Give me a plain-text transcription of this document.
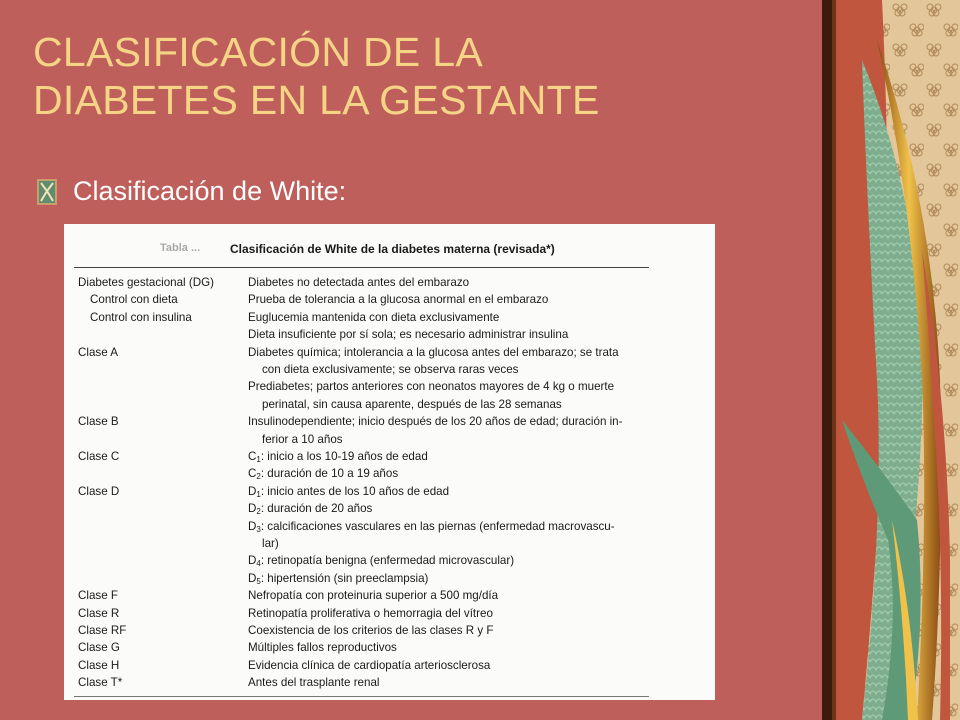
CLASIFICACIÓN DE LA
DIABETES EN LA GESTANTE
Clasificación de White:
Tabla ... Clasificación de White de la diabetes materna (revisada*)
Diabetes gestacional (DG)	Diabetes no detectada antes del embarazo
Control con dieta	Prueba de tolerancia a la glucosa anormal en el embarazo
Control con insulina	Euglucemia mantenida con dieta exclusivamente
Dieta insuficiente por sí sola; es necesario administrar insulina
Clase A	Diabetes química; intolerancia a la glucosa antes del embarazo; se trata
con dieta exclusivamente; se observa raras veces
Prediabetes; partos anteriores con neonatos mayores de 4 kg o muerte
perinatal, sin causa aparente, después de las 28 semanas
Clase B	Insulinodependiente; inicio después de los 20 años de edad; duración in-
ferior a 10 años
Clase C	$C_1$: inicio a los 10-19 años de edad
$C_2$: duración de 10 a 19 años
Clase D	$D_1$: inicio antes de los 10 años de edad
$D_2$: duración de 20 años
$D_3$: calcificaciones vasculares en las piernas (enfermedad macrovascu-
lar)
$D_4$: retinopatía benigna (enfermedad microvascular)
$D_5$: hipertensión (sin preeclampsia)
Clase F	Nefropatía con proteinuria superior a 500 mg/día
Clase R	Retinopatía proliferativa o hemorragia del vítreo
Clase RF	Coexistencia de los criterios de las clases R y F
Clase G	Múltiples fallos reproductivos
Clase H	Evidencia clínica de cardiopatía arteriosclerosa
Clase T*	Antes del trasplante renal
